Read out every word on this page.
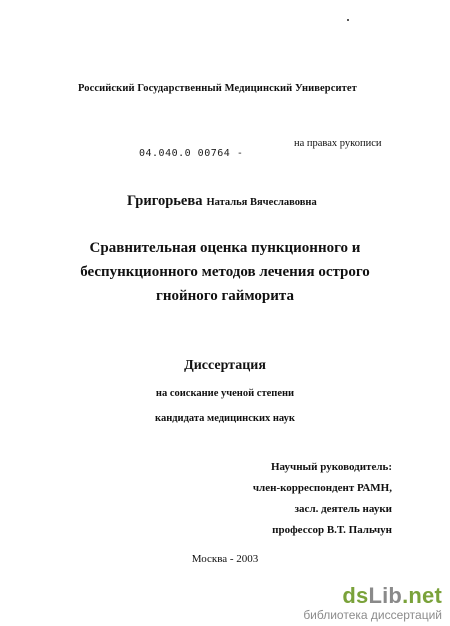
Российский Государственный Медицинский Университет
04.040.0 00764 -
на правах рукописи
Григорьева Наталья Вячеславовна
Сравнительная оценка пункционного и
беспункционного методов лечения острого
гнойного гайморита
Диссертация
на соискание ученой степени
кандидата медицинских наук
Научный руководитель:
член-корреспондент РАМН,
засл. деятель науки
профессор В.Т. Пальчун
Москва - 2003
dsLib.net
библиотека диссертаций
